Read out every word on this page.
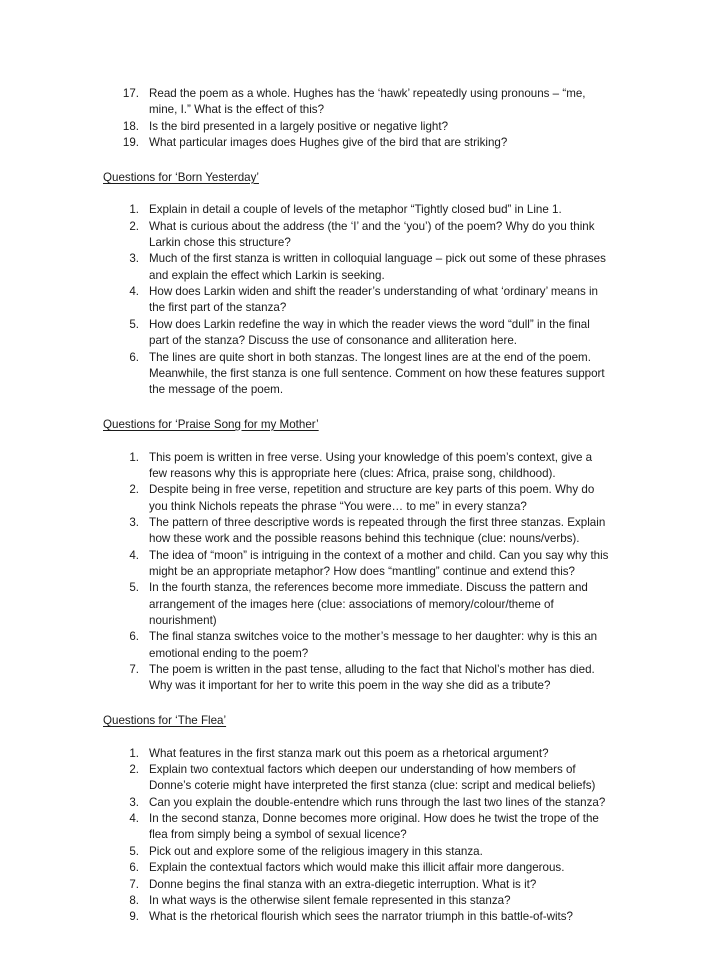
17. Read the poem as a whole. Hughes has the ‘hawk’ repeatedly using pronouns – “me, mine, I.” What is the effect of this?
18. Is the bird presented in a largely positive or negative light?
19. What particular images does Hughes give of the bird that are striking?
Questions for ‘Born Yesterday’
1. Explain in detail a couple of levels of the metaphor “Tightly closed bud” in Line 1.
2. What is curious about the address (the ‘I’ and the ‘you’) of the poem? Why do you think Larkin chose this structure?
3. Much of the first stanza is written in colloquial language – pick out some of these phrases and explain the effect which Larkin is seeking.
4. How does Larkin widen and shift the reader’s understanding of what ‘ordinary’ means in the first part of the stanza?
5. How does Larkin redefine the way in which the reader views the word “dull” in the final part of the stanza? Discuss the use of consonance and alliteration here.
6. The lines are quite short in both stanzas. The longest lines are at the end of the poem. Meanwhile, the first stanza is one full sentence. Comment on how these features support the message of the poem.
Questions for ‘Praise Song for my Mother’
1. This poem is written in free verse. Using your knowledge of this poem’s context, give a few reasons why this is appropriate here (clues: Africa, praise song, childhood).
2. Despite being in free verse, repetition and structure are key parts of this poem. Why do you think Nichols repeats the phrase “You were… to me” in every stanza?
3. The pattern of three descriptive words is repeated through the first three stanzas. Explain how these work and the possible reasons behind this technique (clue: nouns/verbs).
4. The idea of “moon” is intriguing in the context of a mother and child. Can you say why this might be an appropriate metaphor? How does “mantling” continue and extend this?
5. In the fourth stanza, the references become more immediate. Discuss the pattern and arrangement of the images here (clue: associations of memory/colour/theme of nourishment)
6. The final stanza switches voice to the mother’s message to her daughter: why is this an emotional ending to the poem?
7. The poem is written in the past tense, alluding to the fact that Nichol’s mother has died. Why was it important for her to write this poem in the way she did as a tribute?
Questions for ‘The Flea’
1. What features in the first stanza mark out this poem as a rhetorical argument?
2. Explain two contextual factors which deepen our understanding of how members of Donne’s coterie might have interpreted the first stanza (clue: script and medical beliefs)
3. Can you explain the double-entendre which runs through the last two lines of the stanza?
4. In the second stanza, Donne becomes more original. How does he twist the trope of the flea from simply being a symbol of sexual licence?
5. Pick out and explore some of the religious imagery in this stanza.
6. Explain the contextual factors which would make this illicit affair more dangerous.
7. Donne begins the final stanza with an extra-diegetic interruption. What is it?
8. In what ways is the otherwise silent female represented in this stanza?
9. What is the rhetorical flourish which sees the narrator triumph in this battle-of-wits?
